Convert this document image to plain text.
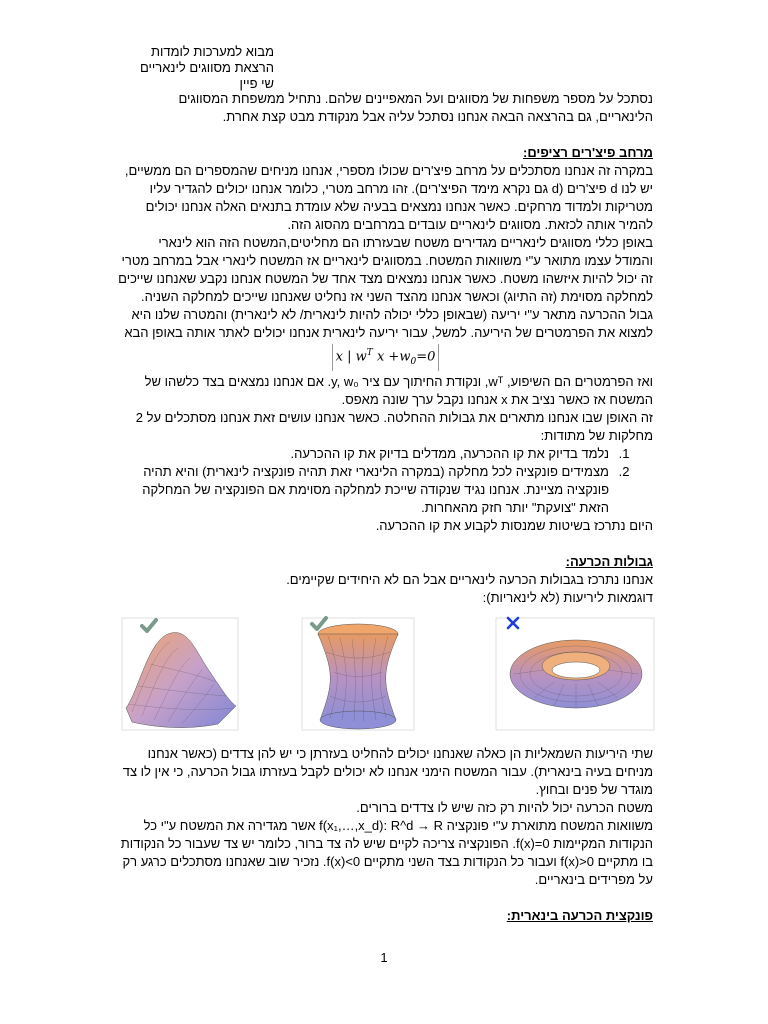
מבוא למערכות לומדות
הרצאת מסווגים לינאריים
שי פיין

נסתכל על מספר משפחות של מסווגים ועל המאפיינים שלהם. נתחיל ממשפחת המסווגים הלינאריים, גם בהרצאה הבאה אנחנו נסתכל עליה אבל מנקודת מבט קצת אחרת.

מרחב פיצ'רים רציפים:

במקרה זה אנחנו מסתכלים על מרחב פיצ'רים שכולו מספרי, אנחנו מניחים שהמספרים הם ממשיים, יש לנו d פיצ'רים (d גם נקרא מימד הפיצ'רים). זהו מרחב מטרי, כלומר אנחנו יכולים להגדיר עליו מטריקות ולמדוד מרחקים. כאשר אנחנו נמצאים בבעיה שלא עומדת בתנאים האלה אנחנו יכולים להמיר אותה לכזאת. מסווגים לינאריים עובדים במרחבים מהסוג הזה.

באופן כללי מסווגים לינאריים מגדירים משטח שבעזרתו הם מחליטים,המשטח הזה הוא לינארי והמודל עצמו מתואר ע"י משוואות המשטח. במסווגים לינאריים אז המשטח לינארי אבל במרחב מטרי זה יכול להיות איזשהו משטח. כאשר אנחנו נמצאים מצד אחד של המשטח אנחנו נקבע שאנחנו שייכים למחלקה מסוימת (זה התיוג) וכאשר אנחנו מהצד השני אז נחליט שאנחנו שייכים למחלקה השניה. גבול ההכרעה מתאר ע"י יריעה (שבאופן כללי יכולה להיות לינארית/ לא לינארית) והמטרה שלנו היא למצוא את הפרמטרים של היריעה. למשל, עבור יריעה לינארית אנחנו יכולים לאתר אותה באופן הבא

x | $w^T$ $x +w_0=0$

ואז הפרמטרים הם השיפוע, wᵀ, ונקודת החיתוך עם ציר y, w₀. אם אנחנו נמצאים בצד כלשהו של המשטח אז כאשר נציב את x אנחנו נקבל ערך שונה מאפס.

זה האופן שבו אנחנו מתארים את גבולות ההחלטה. כאשר אנחנו עושים זאת אנחנו מסתכלים על 2 מחלקות של מתודות:

1. נלמד בדיוק את קו ההכרעה, ממדלים בדיוק את קו ההכרעה.
2. מצמידים פונקציה לכל מחלקה (במקרה הלינארי זאת תהיה פונקציה לינארית) והיא תהיה פונקציה מציינת. אנחנו נגיד שנקודה שייכת למחלקה מסוימת אם הפונקציה של המחלקה הזאת "צועקת" יותר חזק מהאחרות.

היום נתרכז בשיטות שמנסות לקבוע את קו ההכרעה.

גבולות הכרעה:

אנחנו נתרכז בגבולות הכרעה לינאריים אבל הם לא היחידים שקיימים.

דוגמאות ליריעות (לא לינאריות):

שתי היריעות השמאליות הן כאלה שאנחנו יכולים להחליט בעזרתן כי יש להן צדדים (כאשר אנחנו מניחים בעיה בינארית). עבור המשטח הימני אנחנו לא יכולים לקבל בעזרתו גבול הכרעה, כי אין לו צד מוגדר של פנים ובחוץ.

משטח הכרעה יכול להיות רק כזה שיש לו צדדים ברורים.

משוואות המשטח מתוארת ע"י פונקציה f(x₁,…,x_d): R^d → R אשר מגדירה את המשטח ע"י כל הנקודות המקיימות f(x)=0. הפונקציה צריכה לקיים שיש לה צד ברור, כלומר יש צד שעבור כל הנקודות בו מתקיים f(x)>0 ועבור כל הנקודות בצד השני מתקיים f(x)<0. נזכיר שוב שאנחנו מסתכלים כרגע רק על מפרידים בינאריים.

פונקצית הכרעה בינארית:

1
